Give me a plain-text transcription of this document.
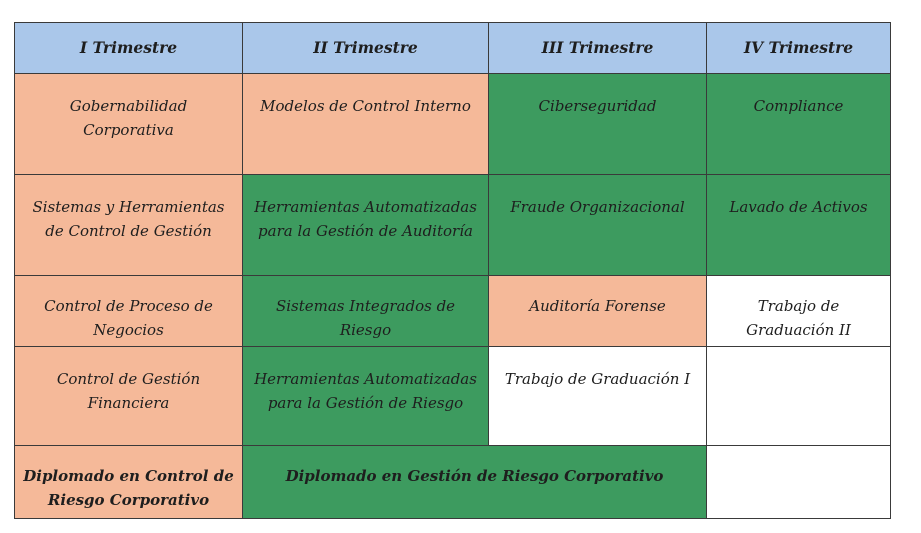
I Trimestre	II Trimestre	III Trimestre	IV Trimestre
Gobernabilidad Corporativa	Modelos de Control Interno	Ciberseguridad	Compliance
Sistemas y Herramientas de Control de Gestión	Herramientas Automatizadas para la Gestión de Auditoría	Fraude Organizacional	Lavado de Activos
Control de Proceso de Negocios	Sistemas Integrados de Riesgo	Auditoría Forense	Trabajo de Graduación II
Control de Gestión Financiera	Herramientas Automatizadas para la Gestión de Riesgo	Trabajo de Graduación I	
Diplomado en Control de Riesgo Corporativo	Diplomado en Gestión de Riesgo Corporativo		
